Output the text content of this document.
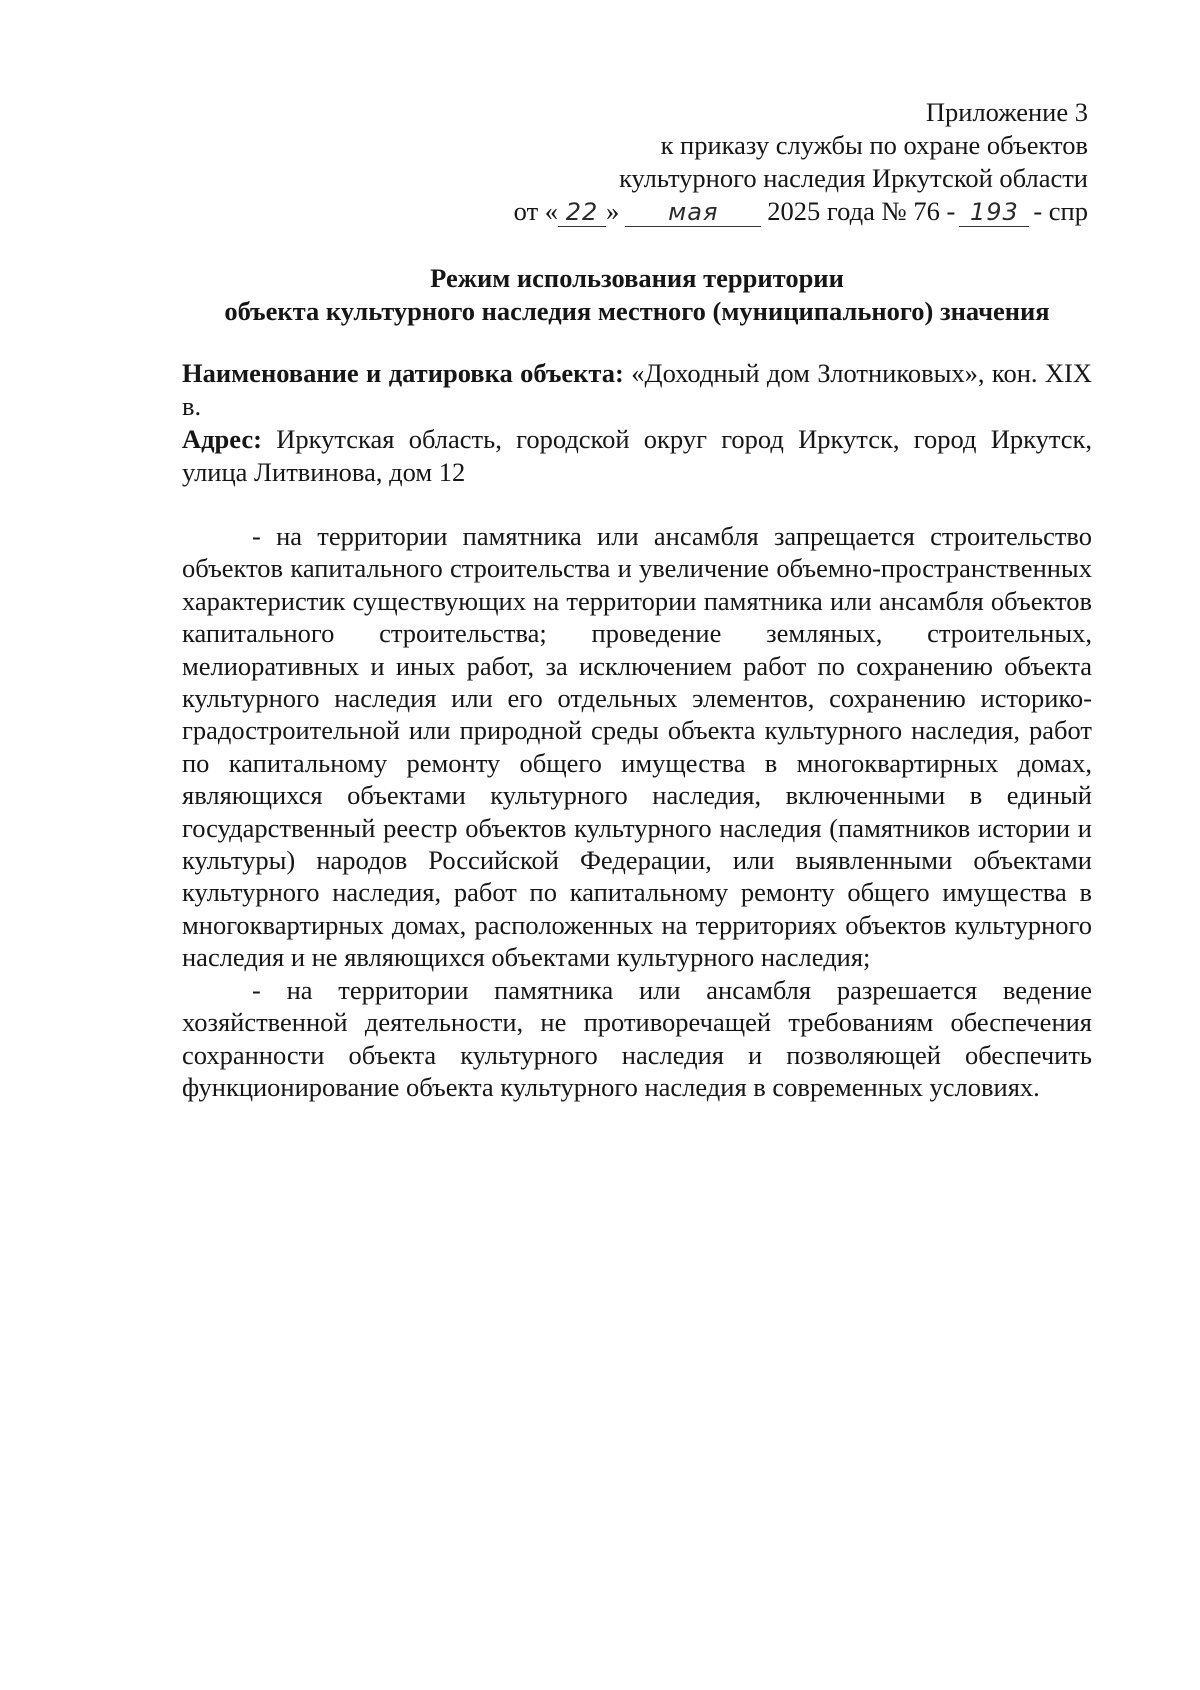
Приложение 3
к приказу службы по охране объектов
культурного наследия Иркутской области
от « 22 » мая 2025 года № 76 - 193 - спр
Режим использования территории
объекта культурного наследия местного (муниципального) значения

Наименование и датировка объекта: «Доходный дом Злотниковых», кон. XIX в.

Адрес: Иркутская область, городской округ город Иркутск, город Иркутск, улица Литвинова, дом 12

- на территории памятника или ансамбля запрещается строительство объектов капитального строительства и увеличение объемно-пространственных характеристик существующих на территории памятника или ансамбля объектов капитального строительства; проведение земляных, строительных, мелиоративных и иных работ, за исключением работ по сохранению объекта культурного наследия или его отдельных элементов, сохранению историко-градостроительной или природной среды объекта культурного наследия, работ по капитальному ремонту общего имущества в многоквартирных домах, являющихся объектами культурного наследия, включенными в единый государственный реестр объектов культурного наследия (памятников истории и культуры) народов Российской Федерации, или выявленными объектами культурного наследия, работ по капитальному ремонту общего имущества в многоквартирных домах, расположенных на территориях объектов культурного наследия и не являющихся объектами культурного наследия;

- на территории памятника или ансамбля разрешается ведение хозяйственной деятельности, не противоречащей требованиям обеспечения сохранности объекта культурного наследия и позволяющей обеспечить функционирование объекта культурного наследия в современных условиях.
